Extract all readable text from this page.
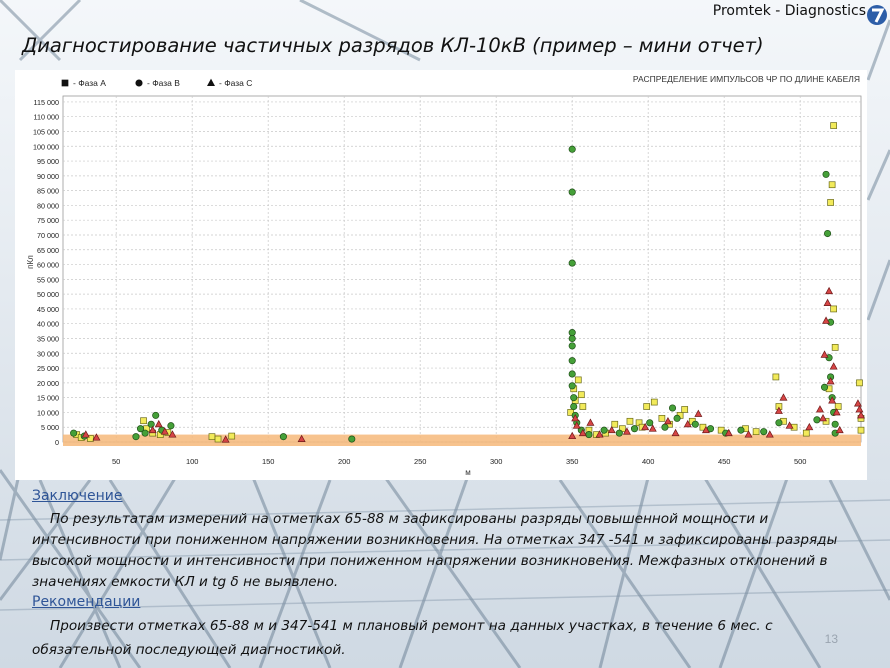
Promtek - Diagnostics
Диагностирование частичных разрядов КЛ-10кВ (пример – мини отчет)
0
5 000
10 000
15 000
20 000
25 000
30 000
35 000
40 000
45 000
50 000
55 000
60 000
65 000
70 000
75 000
80 000
85 000
90 000
95 000
100 000
105 000
110 000
115 000
50	100	150	200	250	300	350	400	450	500
- Фаза А	- Фаза В	- Фаза С	РАСПРЕДЕЛЕНИЕ ИМПУЛЬСОВ ЧР ПО ДЛИНЕ КАБЕЛЯ
м
пКл
Заключение
По результатам измерений на отметках 65-88 м зафиксированы разряды повышенной мощности и интенсивности при пониженном напряжении возникновения. На отметках 347 -541 м зафиксированы разряды высокой мощности и интенсивности при пониженном напряжении возникновения. Межфазных отклонений в значениях емкости КЛ и tg δ не выявлено.
Рекомендации
Произвести отметках 65-88 м и 347-541 м плановый ремонт на данных участках, в течение 6 мес. с обязательной последующей диагностикой.
13
